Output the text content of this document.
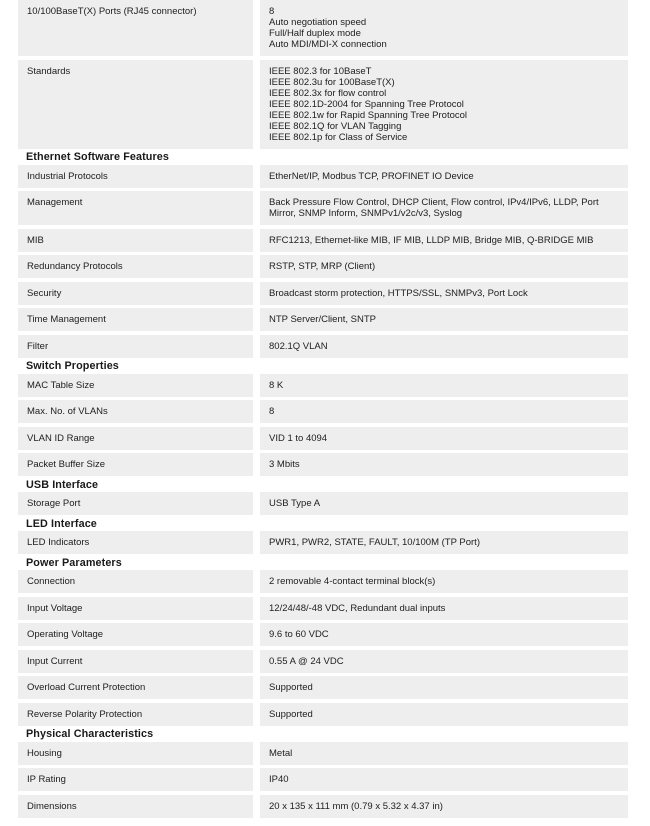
10/100BaseT(X) Ports (RJ45 connector)	8
Auto negotiation speed
Full/Half duplex mode
Auto MDI/MDI-X connection
Standards	IEEE 802.3 for 10BaseT
IEEE 802.3u for 100BaseT(X)
IEEE 802.3x for flow control
IEEE 802.1D-2004 for Spanning Tree Protocol
IEEE 802.1w for Rapid Spanning Tree Protocol
IEEE 802.1Q for VLAN Tagging
IEEE 802.1p for Class of Service
Ethernet Software Features
Industrial Protocols	EtherNet/IP, Modbus TCP, PROFINET IO Device
Management	Back Pressure Flow Control, DHCP Client, Flow control, IPv4/IPv6, LLDP, Port Mirror, SNMP Inform, SNMPv1/v2c/v3, Syslog
MIB	RFC1213, Ethernet-like MIB, IF MIB, LLDP MIB, Bridge MIB, Q-BRIDGE MIB
Redundancy Protocols	RSTP, STP, MRP (Client)
Security	Broadcast storm protection, HTTPS/SSL, SNMPv3, Port Lock
Time Management	NTP Server/Client, SNTP
Filter	802.1Q VLAN
Switch Properties
MAC Table Size	8 K
Max. No. of VLANs	8
VLAN ID Range	VID 1 to 4094
Packet Buffer Size	3 Mbits
USB Interface
Storage Port	USB Type A
LED Interface
LED Indicators	PWR1, PWR2, STATE, FAULT, 10/100M (TP Port)
Power Parameters
Connection	2 removable 4-contact terminal block(s)
Input Voltage	12/24/48/-48 VDC, Redundant dual inputs
Operating Voltage	9.6 to 60 VDC
Input Current	0.55 A @ 24 VDC
Overload Current Protection	Supported
Reverse Polarity Protection	Supported
Physical Characteristics
Housing	Metal
IP Rating	IP40
Dimensions	20 x 135 x 111 mm (0.79 x 5.32 x 4.37 in)
